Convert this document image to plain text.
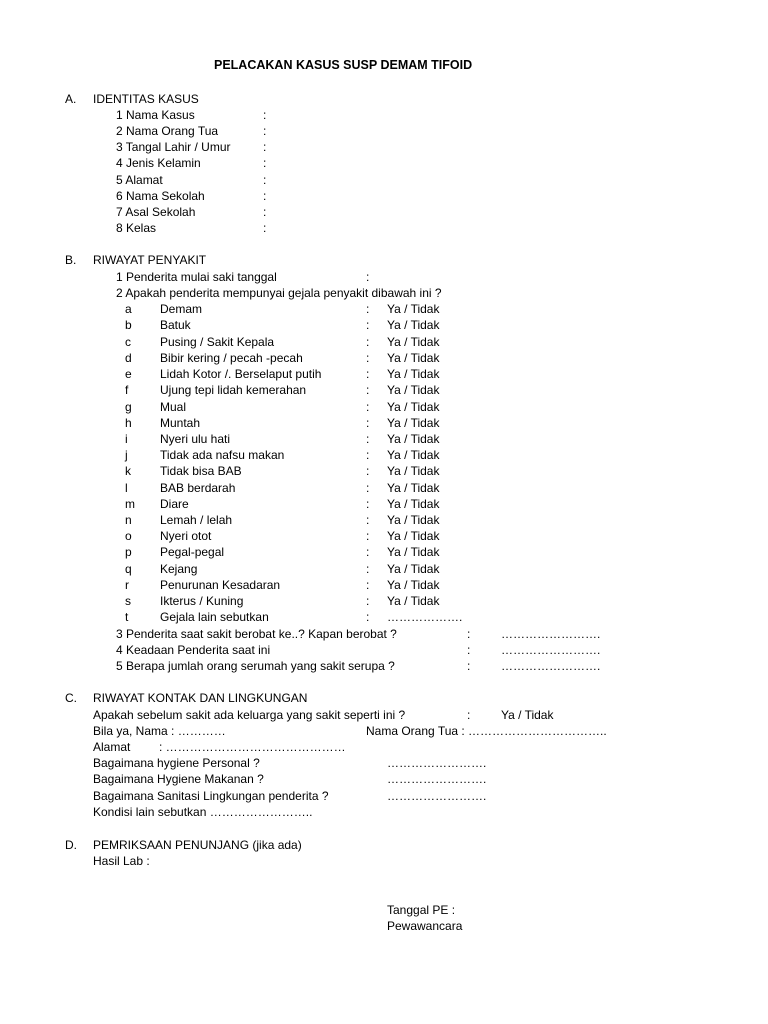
PELACAKAN KASUS SUSP DEMAM TIFOID
A. IDENTITAS KASUS
1 Nama Kasus	:
2 Nama Orang Tua	:
3 Tangal Lahir / Umur	:
4 Jenis Kelamin	:
5 Alamat	:
6 Nama Sekolah	:
7 Asal Sekolah	:
8 Kelas	:
B. RIWAYAT PENYAKIT
1 Penderita mulai saki tanggal	:
2 Apakah penderita mempunyai gejala penyakit dibawah ini ?
a Demam	: Ya / Tidak
b Batuk	: Ya / Tidak
c Pusing / Sakit Kepala	: Ya / Tidak
d Bibir kering / pecah -pecah	: Ya / Tidak
e Lidah Kotor /. Berselaput putih	: Ya / Tidak
f	Ujung tepi lidah kemerahan	: Ya / Tidak
g Mual	: Ya / Tidak
h Muntah	: Ya / Tidak
i	Nyeri ulu hati	: Ya / Tidak
j	Tidak ada nafsu makan	: Ya / Tidak
k Tidak bisa BAB	: Ya / Tidak
l	BAB berdarah	: Ya / Tidak
m Diare	: Ya / Tidak
n Lemah / lelah	: Ya / Tidak
o Nyeri otot	: Ya / Tidak
p Pegal-pegal	: Ya / Tidak
q Kejang	: Ya / Tidak
r	Penurunan Kesadaran	: Ya / Tidak
s Ikterus / Kuning	: Ya / Tidak
t	Gejala lain sebutkan	: ……………….
3 Penderita saat sakit berobat ke..? Kapan berobat ?	:	…………………….
4 Keadaan Penderita saat ini	:	…………………….
5 Berapa jumlah orang serumah yang sakit serupa ?	:	…………………….
C. RIWAYAT KONTAK DAN LINGKUNGAN
Apakah sebelum sakit ada keluarga yang sakit seperti ini ?	:	Ya / Tidak
Bila ya, Nama : …………	Nama Orang Tua : ……………………………..
Alamat : ………………………………………
Bagaimana hygiene Personal ?	…………………….
Bagaimana Hygiene Makanan ?	…………………….
Bagaimana Sanitasi Lingkungan penderita ?	…………………….
Kondisi lain sebutkan ……………………..
D. PEMRIKSAAN PENUNJANG (jika ada)
Hasil Lab :
Tanggal PE :
Pewawancara
